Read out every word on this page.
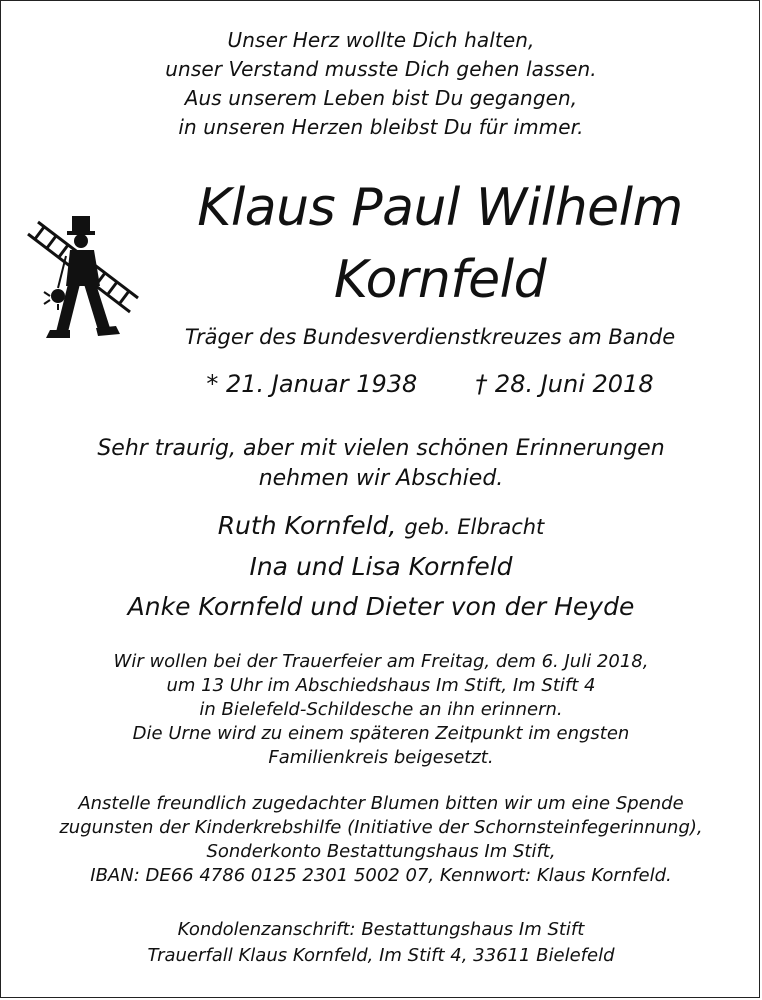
Unser Herz wollte Dich halten,
unser Verstand musste Dich gehen lassen.
Aus unserem Leben bist Du gegangen,
in unseren Herzen bleibst Du für immer.
Klaus Paul Wilhelm
Kornfeld
Träger des Bundesverdienstkreuzes am Bande
* 21. Januar 1938 † 28. Juni 2018
Sehr traurig, aber mit vielen schönen Erinnerungen
nehmen wir Abschied.
Ruth Kornfeld, geb. Elbracht
Ina und Lisa Kornfeld
Anke Kornfeld und Dieter von der Heyde
Wir wollen bei der Trauerfeier am Freitag, dem 6. Juli 2018,
um 13 Uhr im Abschiedshaus Im Stift, Im Stift 4
in Bielefeld-Schildesche an ihn erinnern.
Die Urne wird zu einem späteren Zeitpunkt im engsten
Familienkreis beigesetzt.
Anstelle freundlich zugedachter Blumen bitten wir um eine Spende
zugunsten der Kinderkrebshilfe (Initiative der Schornsteinfegerinnung),
Sonderkonto Bestattungshaus Im Stift,
IBAN: DE66 4786 0125 2301 5002 07, Kennwort: Klaus Kornfeld.
Kondolenzanschrift: Bestattungshaus Im Stift
Trauerfall Klaus Kornfeld, Im Stift 4, 33611 Bielefeld
